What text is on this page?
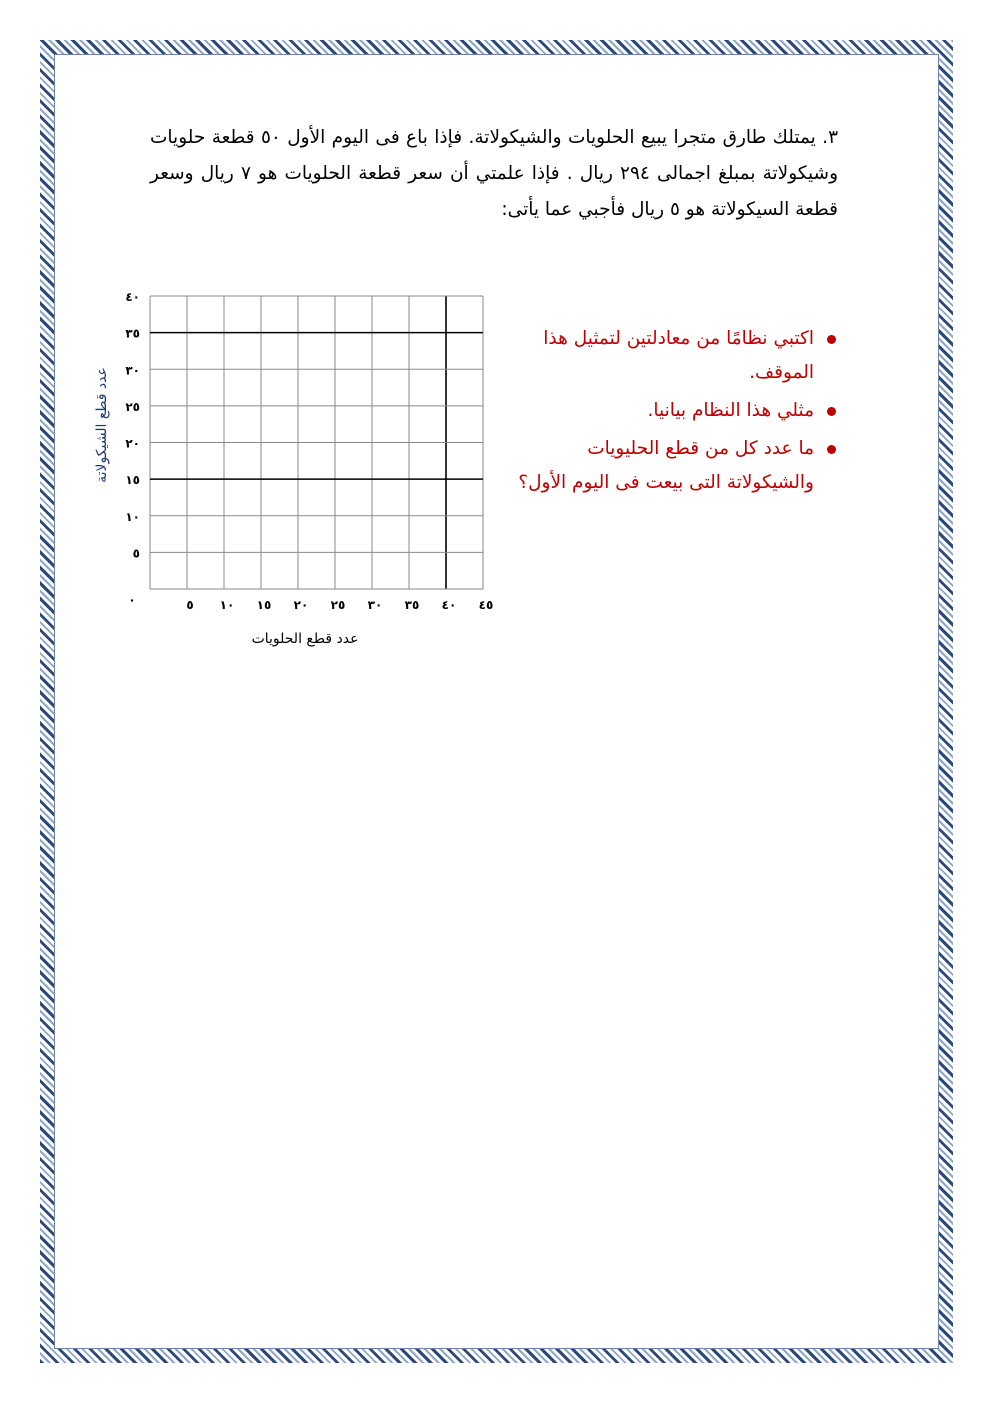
٣. يمتلك طارق متجرا يبيع الحلويات والشيكولاتة. فإذا باع فى اليوم الأول ٥٠ قطعة حلويات وشيكولاتة بمبلغ اجمالى ٢٩٤ ريال . فإذا علمتي أن سعر قطعة الحلويات هو ٧ ريال وسعر قطعة السيكولاتة هو ٥ ريال فأجبي عما يأتى:

اكتبي نظامًا من معادلتين لتمثيل هذا الموقف.
مثلي هذا النظام بيانيا.
ما عدد كل من قطع الحليويات والشيكولاتة التى بيعت فى اليوم الأول؟
٥ ١٠ ١٥ ٢٠ ٢٥ ٣٠ ٣٥ ٤٠ ٤٥
٥
١٠
١٥
٢٠
٢٥
٣٠
٣٥
٤٠
٠
عدد قطع الحلويات
عدد قطع الشيكولاتة
